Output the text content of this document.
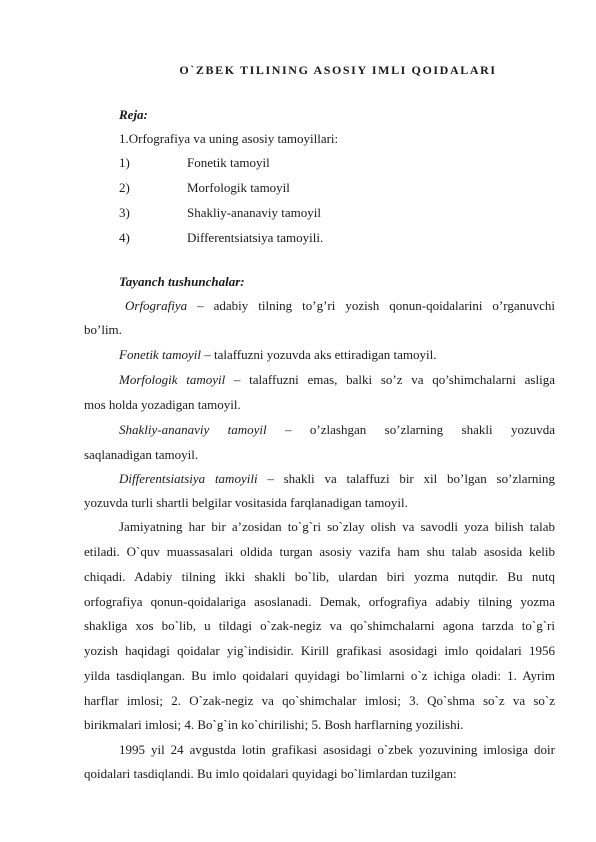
O`ZBEK TILINING ASOSIY IMLI QOIDALARI
Reja:
1.Orfografiya va uning asosiy tamoyillari:
1)	Fonetik tamoyil
2)	Morfologik tamoyil
3)	Shakliy-ananaviy tamoyil
4)	Differentsiatsiya tamoyili.
Tayanch tushunchalar:
Orfografiya – adabiy tilning to’g’ri yozish qonun-qoidalarini o’rganuvchi
bo’lim.
Fonetik tamoyil – talaffuzni yozuvda aks ettiradigan tamoyil.
Morfologik tamoyil – talaffuzni emas, balki so’z va qo’shimchalarni asliga
mos holda yozadigan tamoyil.
Shakliy-ananaviy tamoyil – o’zlashgan so’zlarning shakli yozuvda
saqlanadigan tamoyil.
Differentsiatsiya tamoyili – shakli va talaffuzi bir xil bo’lgan so’zlarning
yozuvda turli shartli belgilar vositasida farqlanadigan tamoyil.
Jamiyatning har bir a’zosidan to`g`ri so`zlay olish va savodli yoza bilish talab
etiladi. O`quv muassasalari oldida turgan asosiy vazifa ham shu talab asosida kelib
chiqadi. Adabiy tilning ikki shakli bo`lib, ulardan biri yozma nutqdir. Bu nutq
orfografiya qonun-qoidalariga asoslanadi. Demak, orfografiya adabiy tilning yozma
shakliga xos bo`lib, u tildagi o`zak-negiz va qo`shimchalarni agona tarzda to`g`ri
yozish haqidagi qoidalar yig`indisidir. Kirill grafikasi asosidagi imlo qoidalari 1956
yilda tasdiqlangan. Bu imlo qoidalari quyidagi bo`limlarni o`z ichiga oladi: 1. Ayrim
harflar imlosi; 2. O`zak-negiz va qo`shimchalar imlosi; 3. Qo`shma so`z va so`z
birikmalari imlosi; 4. Bo`g`in ko`chirilishi; 5. Bosh harflarning yozilishi.
1995 yil 24 avgustda lotin grafikasi asosidagi o`zbek yozuvining imlosiga doir
qoidalari tasdiqlandi. Bu imlo qoidalari quyidagi bo`limlardan tuzilgan:
